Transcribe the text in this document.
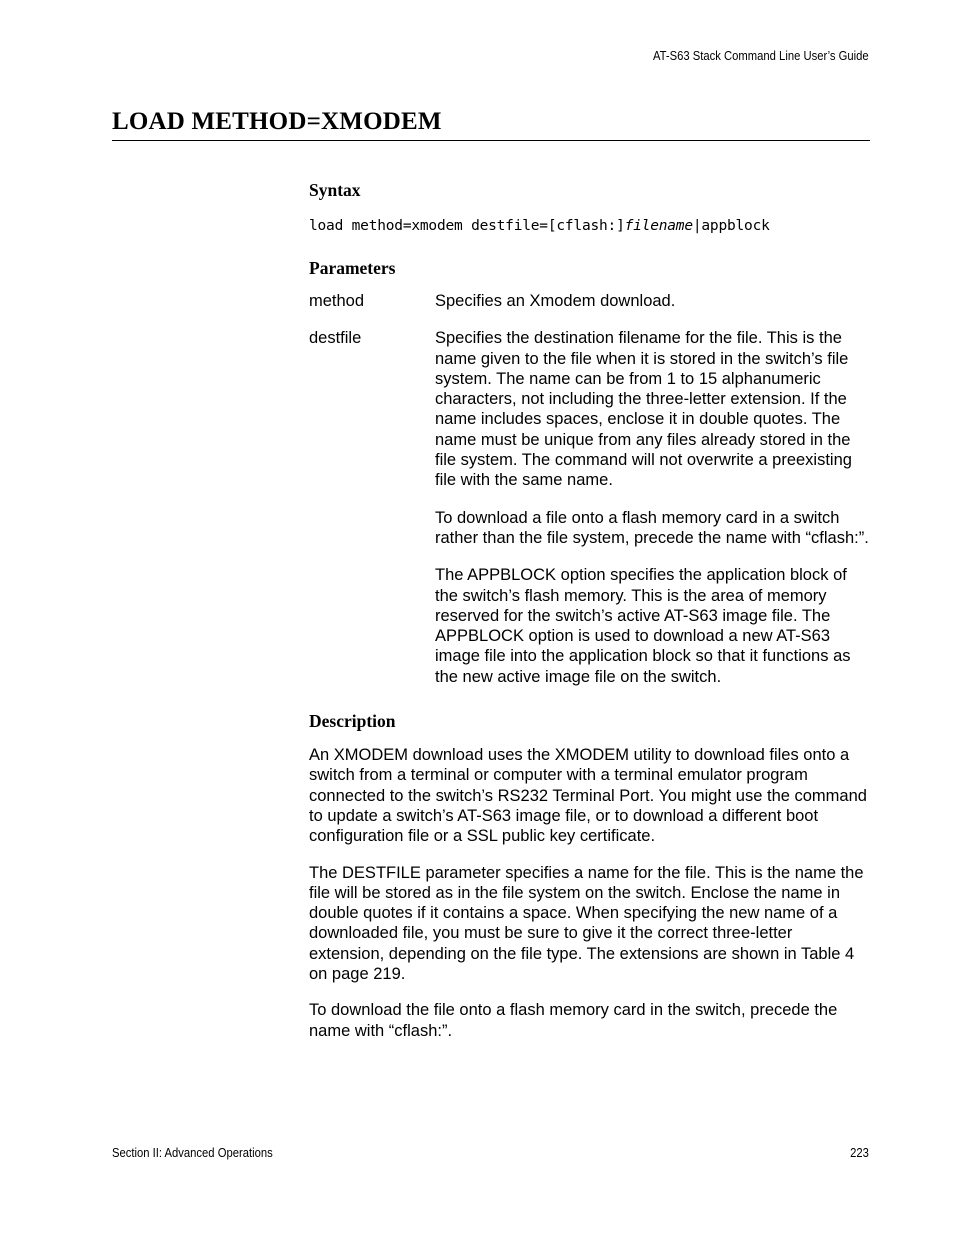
AT-S63 Stack Command Line User’s Guide
LOAD METHOD=XMODEM
Syntax
load method=xmodem destfile=[cflash:]filename|appblock
Parameters
method	Specifies an Xmodem download.

destfile	Specifies the destination filename for the file. This is the name given to the file when it is stored in the switch’s file system. The name can be from 1 to 15 alphanumeric characters, not including the three-letter extension. If the name includes spaces, enclose it in double quotes. The name must be unique from any files already stored in the file system. The command will not overwrite a preexisting file with the same name.

To download a file onto a flash memory card in a switch rather than the file system, precede the name with “cflash:”.

The APPBLOCK option specifies the application block of the switch’s flash memory. This is the area of memory reserved for the switch’s active AT-S63 image file. The APPBLOCK option is used to download a new AT-S63 image file into the application block so that it functions as the new active image file on the switch.

Description

An XMODEM download uses the XMODEM utility to download files onto a switch from a terminal or computer with a terminal emulator program connected to the switch’s RS232 Terminal Port. You might use the command to update a switch’s AT-S63 image file, or to download a different boot configuration file or a SSL public key certificate.

The DESTFILE parameter specifies a name for the file. This is the name the file will be stored as in the file system on the switch. Enclose the name in double quotes if it contains a space. When specifying the new name of a downloaded file, you must be sure to give it the correct three-letter extension, depending on the file type. The extensions are shown in Table 4 on page 219.

To download the file onto a flash memory card in the switch, precede the name with “cflash:”.

Section II: Advanced Operations	223
